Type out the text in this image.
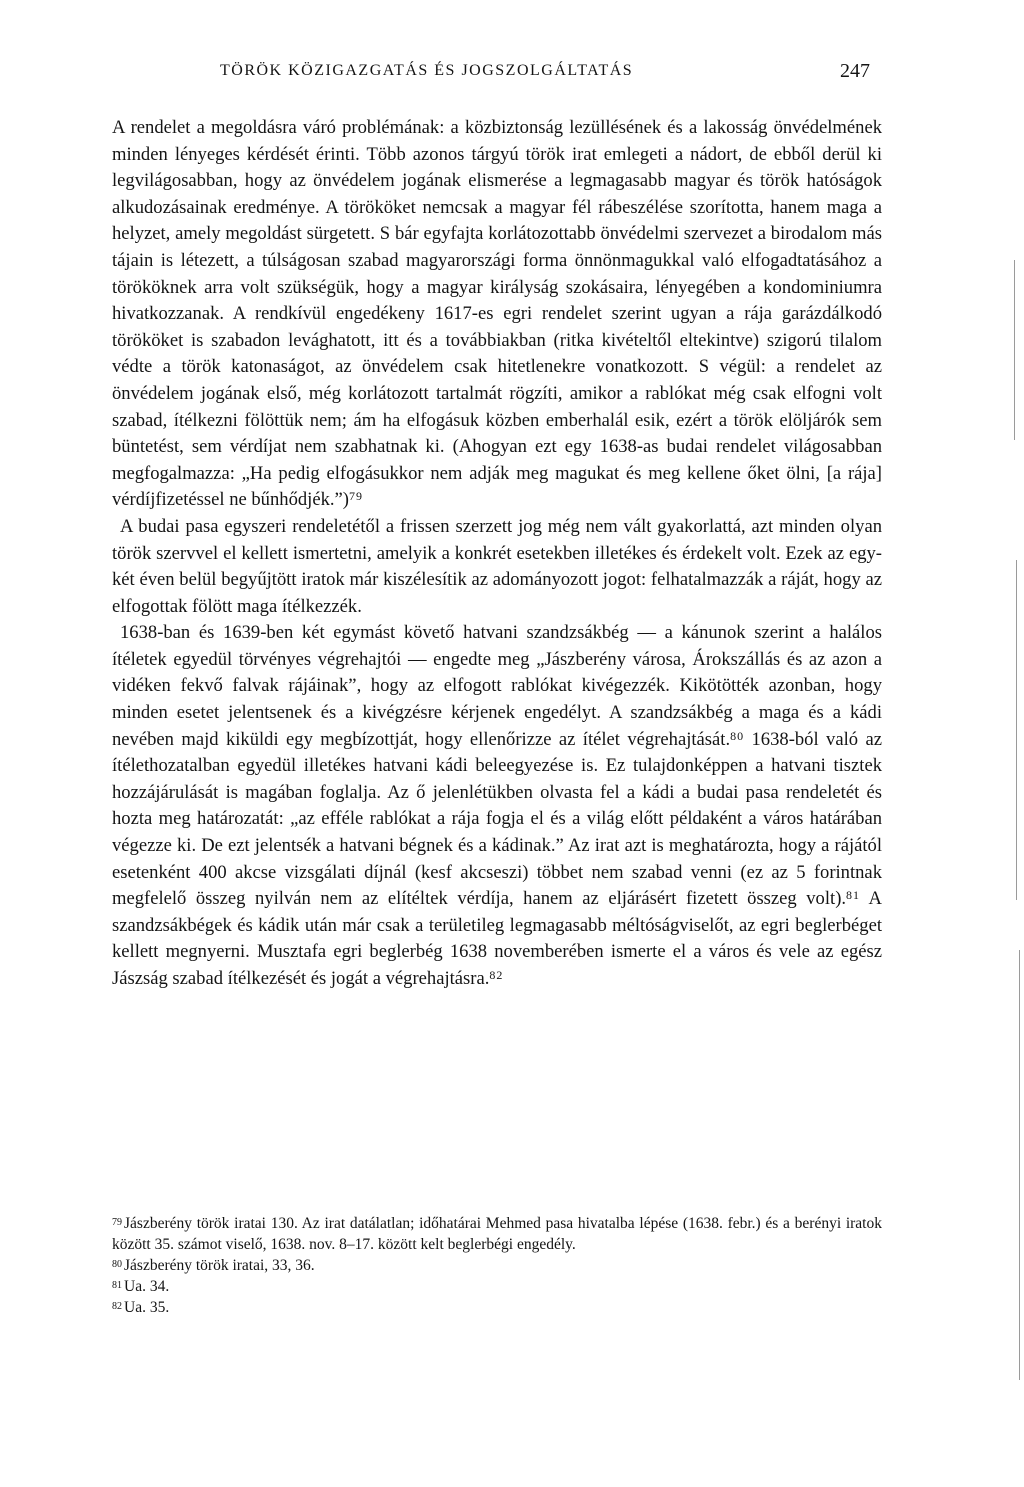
TÖRÖK KÖZIGAZGATÁS ÉS JOGSZOLGÁLTATÁS	247

A rendelet a megoldásra váró problémának: a közbiztonság lezüllésének és a lakosság önvédelmének minden lényeges kérdését érinti. Több azonos tárgyú török irat emlegeti a nádort, de ebből derül ki legvilágosabban, hogy az önvédelem jogának elismerése a legmagasabb magyar és török hatóságok alkudozásainak eredménye. A törököket nemcsak a magyar fél rábeszélése szorította, hanem maga a helyzet, amely megoldást sürgetett. S bár egyfajta korlátozottabb önvédelmi szervezet a birodalom más tájain is létezett, a túlságosan szabad magyarországi forma önnönmagukkal való elfogadtatásához a törököknek arra volt szükségük, hogy a magyar királyság szokásaira, lényegében a kondominiumra hivatkozzanak. A rendkívül engedékeny 1617-es egri rendelet szerint ugyan a rája garázdálkodó törököket is szabadon levághatott, itt és a továbbiakban (ritka kivételtől eltekintve) szigorú tilalom védte a török katonaságot, az önvédelem csak hitetlenekre vonatkozott. S végül: a rendelet az önvédelem jogának első, még korlátozott tartalmát rögzíti, amikor a rablókat még csak elfogni volt szabad, ítélkezni fölöttük nem; ám ha elfogásuk közben emberhalál esik, ezért a török elöljárók sem büntetést, sem vérdíjat nem szabhatnak ki. (Ahogyan ezt egy 1638-as budai rendelet világosabban megfogalmazza: „Ha pedig elfogásukkor nem adják meg magukat és meg kellene őket ölni, [a rája] vérdíjfizetéssel ne bűnhődjék.”)$^{79}$

A budai pasa egyszeri rendeletétől a frissen szerzett jog még nem vált gyakorlattá, azt minden olyan török szervvel el kellett ismertetni, amelyik a konkrét esetekben illetékes és érdekelt volt. Ezek az egy-két éven belül begyűjtött iratok már kiszélesítik az adományozott jogot: felhatalmazzák a ráját, hogy az elfogottak fölött maga ítélkezzék.

1638-ban és 1639-ben két egymást követő hatvani szandzsákbég — a kánunok szerint a halálos ítéletek egyedül törvényes végrehajtói — engedte meg „Jászberény városa, Árokszállás és az azon a vidéken fekvő falvak rájáinak”, hogy az elfogott rablókat kivégezzék. Kikötötték azonban, hogy minden esetet jelentsenek és a kivégzésre kérjenek engedélyt. A szandzsákbég a maga és a kádi nevében majd kiküldi egy megbízottját, hogy ellenőrizze az ítélet végrehajtását.$^{80}$ 1638-ból való az ítélethozatalban egyedül illetékes hatvani kádi beleegyezése is. Ez tulajdonképpen a hatvani tisztek hozzájárulását is magában foglalja. Az ő jelenlétükben olvasta fel a kádi a budai pasa rendeletét és hozta meg határozatát: „az efféle rablókat a rája fogja el és a világ előtt példaként a város határában végezze ki. De ezt jelentsék a hatvani bégnek és a kádinak.” Az irat azt is meghatározta, hogy a rájától esetenként 400 akcse vizsgálati díjnál (kesf akcseszi) többet nem szabad venni (ez az 5 forintnak megfelelő összeg nyilván nem az elítéltek vérdíja, hanem az eljárásért fizetett összeg volt).$^{81}$ A szandzsákbégek és kádik után már csak a területileg legmagasabb méltóságviselőt, az egri beglerbéget kellett megnyerni. Musztafa egri beglerbég 1638 novemberében ismerte el a város és vele az egész Jászság szabad ítélkezését és jogát a végrehajtásra.$^{82}$

$^{79}$ Jászberény török iratai 130. Az irat datálatlan; időhatárai Mehmed pasa hivatalba lépése (1638. febr.) és a berényi iratok között 35. számot viselő, 1638. nov. 8–17. között kelt beglerbégi engedély.

$^{80}$ Jászberény török iratai, 33, 36.

$^{81}$ Ua. 34.

$^{82}$ Ua. 35.
